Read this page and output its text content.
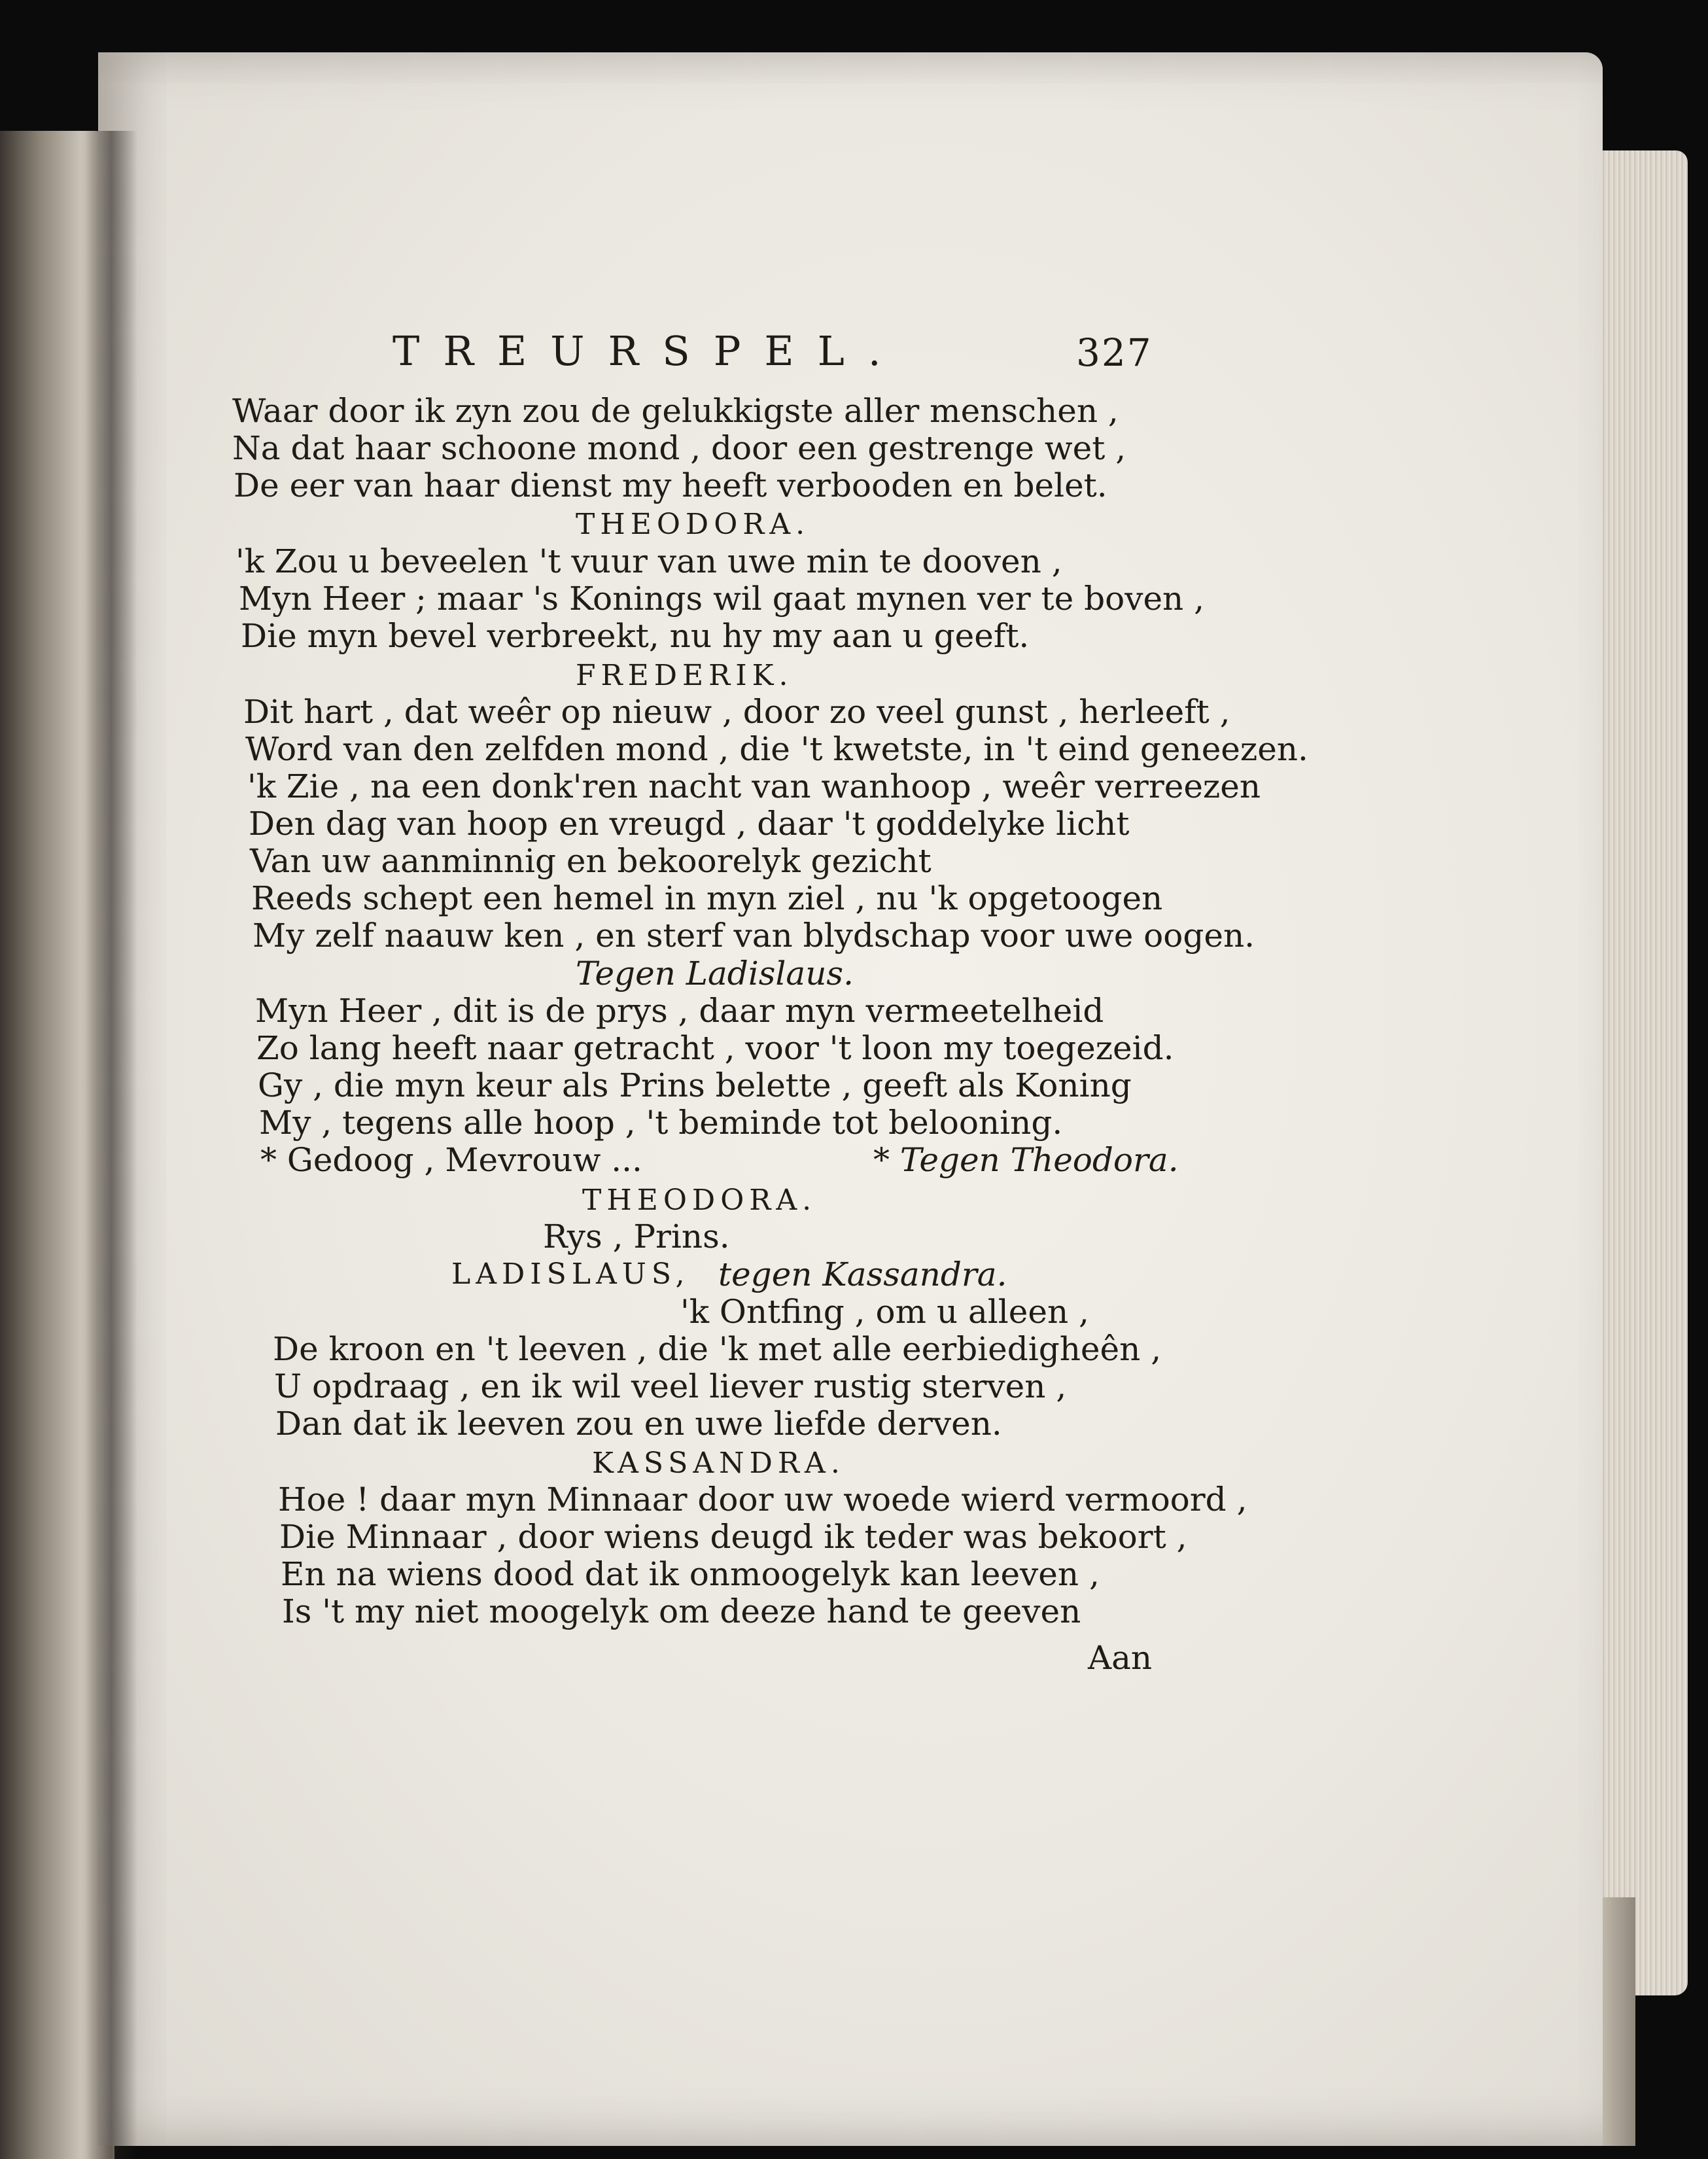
TREURSPEL.	327
Waar door ik zyn zou de gelukkigste aller menschen ,
Na dat haar schoone mond , door een gestrenge wet ,
De eer van haar dienst my heeft verbooden en belet.
THEODORA.
'k Zou u beveelen 't vuur van uwe min te dooven ,
Myn Heer ; maar 's Konings wil gaat mynen ver te boven ,
Die myn bevel verbreekt, nu hy my aan u geeft.
FREDERIK.
Dit hart , dat weêr op nieuw , door zo veel gunst , herleeft ,
Word van den zelfden mond , die 't kwetste, in 't eind geneezen.
'k Zie , na een donk'ren nacht van wanhoop , weêr verreezen
Den dag van hoop en vreugd , daar 't goddelyke licht
Van uw aanminnig en bekoorelyk gezicht
Reeds schept een hemel in myn ziel , nu 'k opgetoogen
My zelf naauw ken , en sterf van blydschap voor uwe oogen.
Tegen Ladislaus.
Myn Heer , dit is de prys , daar myn vermeetelheid
Zo lang heeft naar getracht , voor 't loon my toegezeid.
Gy , die myn keur als Prins belette , geeft als Koning
My , tegens alle hoop , 't beminde tot belooning.
* Gedoog , Mevrouw ...	* Tegen Theodora.
THEODORA.
Rys , Prins.
LADISLAUS, tegen Kassandra.
'k Ontfing , om u alleen ,
De kroon en 't leeven , die 'k met alle eerbiedigheên ,
U opdraag , en ik wil veel liever rustig sterven ,
Dan dat ik leeven zou en uwe liefde derven.
KASSANDRA.
Hoe ! daar myn Minnaar door uw woede wierd vermoord ,
Die Minnaar , door wiens deugd ik teder was bekoort ,
En na wiens dood dat ik onmoogelyk kan leeven ,
Is 't my niet moogelyk om deeze hand te geeven
Aan
